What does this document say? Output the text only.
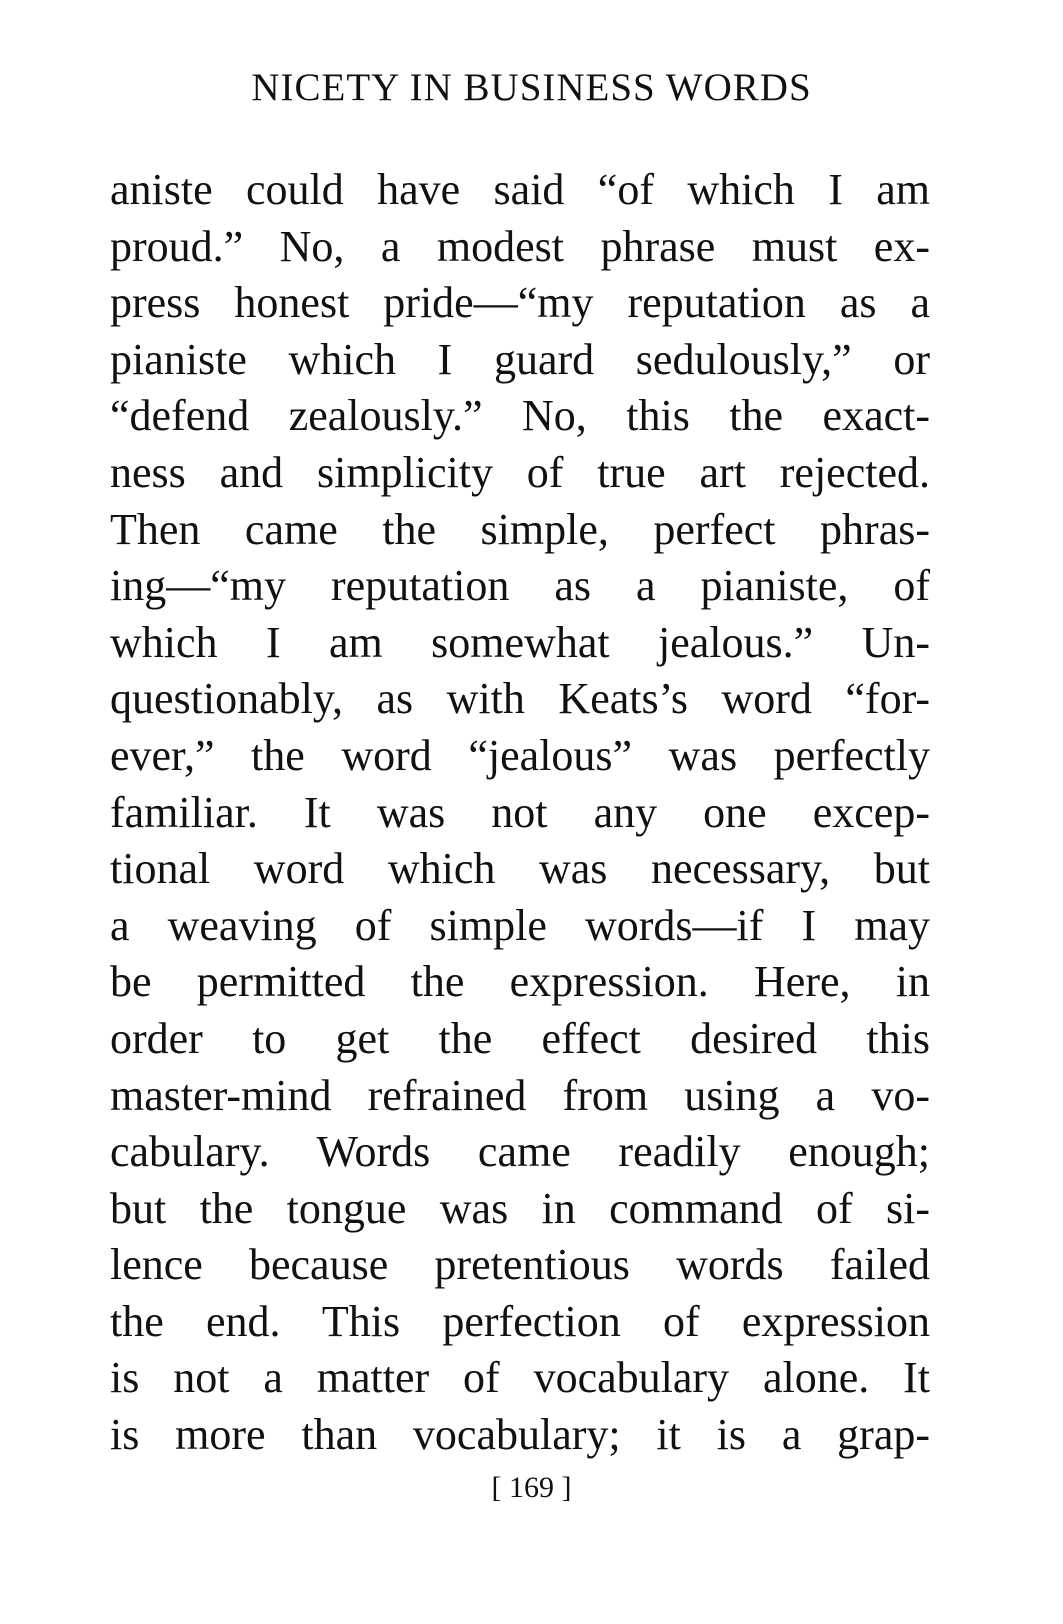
NICETY IN BUSINESS WORDS
aniste could have said “of which I am
proud.” No, a modest phrase must ex-
press honest pride—“my reputation as a
pianiste which I guard sedulously,” or
“defend zealously.” No, this the exact-
ness and simplicity of true art rejected.
Then came the simple, perfect phras-
ing—“my reputation as a pianiste, of
which I am somewhat jealous.” Un-
questionably, as with Keats’s word “for-
ever,” the word “jealous” was perfectly
familiar. It was not any one excep-
tional word which was necessary, but
a weaving of simple words—if I may
be permitted the expression. Here, in
order to get the effect desired this
master-mind refrained from using a vo-
cabulary. Words came readily enough;
but the tongue was in command of si-
lence because pretentious words failed
the end. This perfection of expression
is not a matter of vocabulary alone. It
is more than vocabulary; it is a grap-
[ 169 ]
